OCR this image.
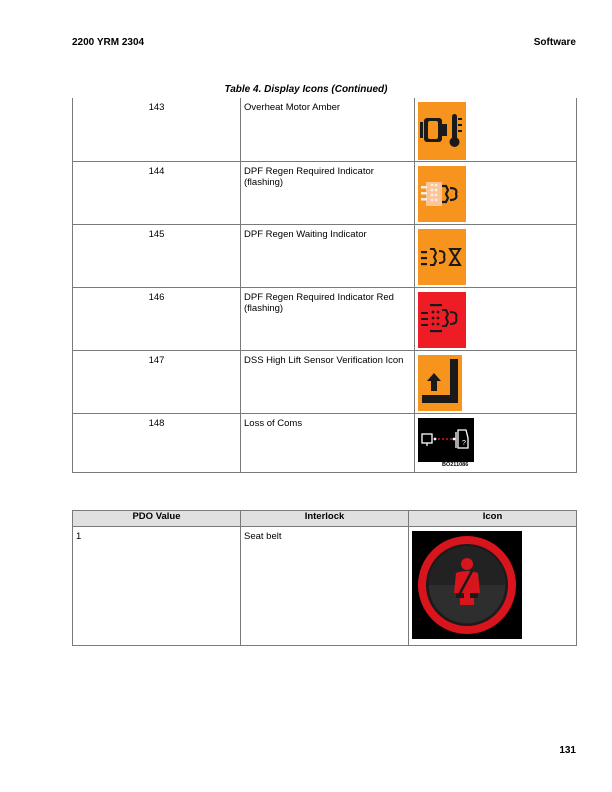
2200 YRM 2304	Software
Table 4. Display Icons (Continued)
143	Overheat Motor Amber	

144	DPF Regen Required Indicator (flashing)	

145	DPF Regen Waiting Indicator	

146	DPF Regen Required Indicator Red (flashing)	

147	DSS High Lift Sensor Verification Icon	

148	Loss of Coms	?
BO211086
PDO Value	Interlock	Icon
1	Seat belt	
131
